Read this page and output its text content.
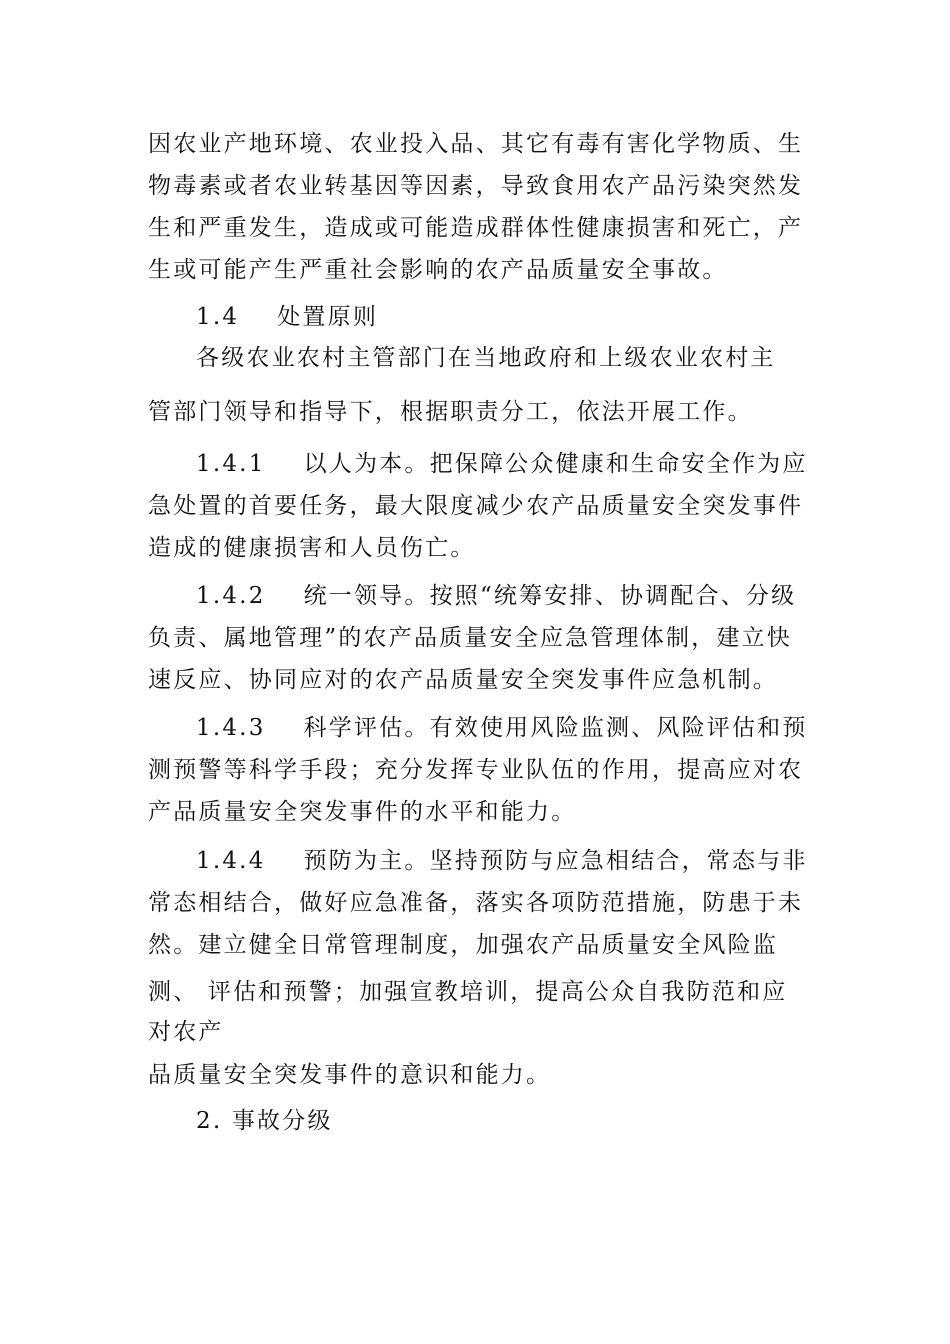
因农业产地环境、农业投入品、其它有毒有害化学物质、生
物毒素或者农业转基因等因素，导致食用农产品污染突然发
生和严重发生，造成或可能造成群体性健康损害和死亡，产
生或可能产生严重社会影响的农产品质量安全事故。
1.4    处置原则
各级农业农村主管部门在当地政府和上级农业农村主
管部门领导和指导下，根据职责分工，依法开展工作。
1.4.1    以人为本。把保障公众健康和生命安全作为应
急处置的首要任务，最大限度减少农产品质量安全突发事件
造成的健康损害和人员伤亡。
1.4.2    统一领导。按照“统筹安排、协调配合、分级
负责、属地管理”的农产品质量安全应急管理体制，建立快
速反应、协同应对的农产品质量安全突发事件应急机制。
1.4.3    科学评估。有效使用风险监测、风险评估和预
测预警等科学手段；充分发挥专业队伍的作用，提高应对农
产品质量安全突发事件的水平和能力。
1.4.4    预防为主。坚持预防与应急相结合，常态与非
常态相结合，做好应急准备，落实各项防范措施，防患于未
然。建立健全日常管理制度，加强农产品质量安全风险监
测、 评估和预警；加强宣教培训，提高公众自我防范和应
对农产
品质量安全突发事件的意识和能力。
2. 事故分级
